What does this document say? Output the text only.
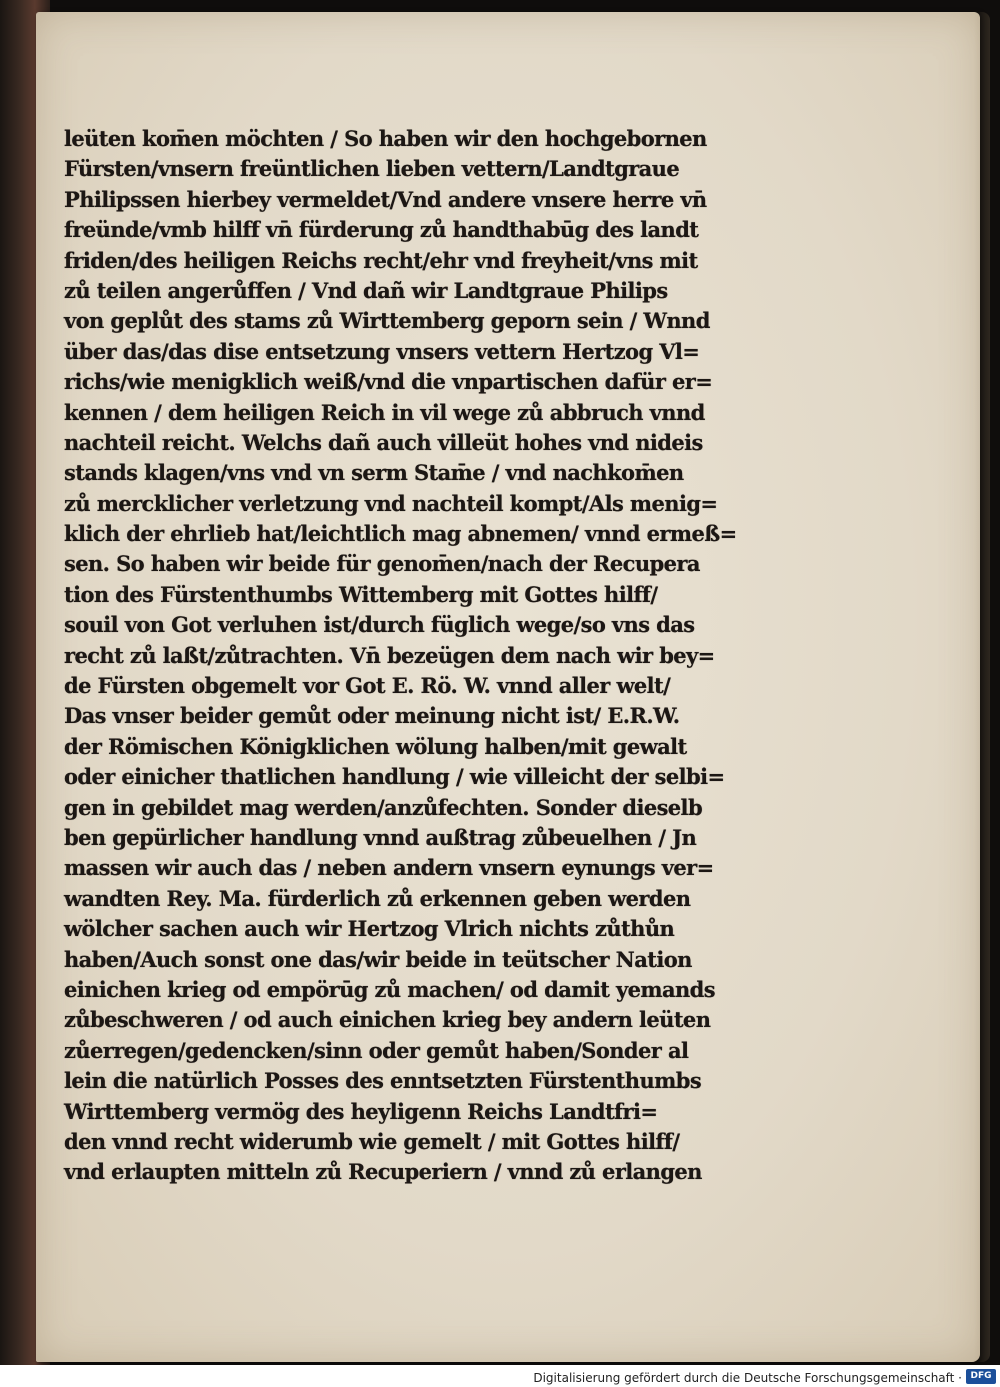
leüten kom̄en möchten / So haben wir den hochgebornen
Fürsten/vnsern freüntlichen lieben vettern/Landtgraue
Philipssen hierbey vermeldet/Vnd andere vnsere herre vn̄
freünde/vmb hilff vn̄ fürderung zů handthabūg des landt
friden/des heiligen Reichs recht/ehr vnd freyheit/vns mit
zů teilen angerůffen / Vnd dañ wir Landtgraue Philips
von geplůt des stams zů Wirttemberg geporn sein / Wnnd
über das/das dise entsetzung vnsers vettern Hertzog Vl=
richs/wie menigklich weiß/vnd die vnpartischen dafür er=
kennen / dem heiligen Reich in vil wege zů abbruch vnnd
nachteil reicht. Welchs dañ auch villeüt hohes vnd nideis
stands klagen/vns vnd vn serm Stam̄e / vnd nachkom̄en
zů mercklicher verletzung vnd nachteil kompt/Als menig=
klich der ehrlieb hat/leichtlich mag abnemen/ vnnd ermeß=
sen. So haben wir beide für genom̄en/nach der Recupera
tion des Fürstenthumbs Wittemberg mit Gottes hilff/
souil von Got verluhen ist/durch füglich wege/so vns das
recht zů laßt/zůtrachten. Vn̄ bezeügen dem nach wir bey=
de Fürsten obgemelt vor Got E. Rö. W. vnnd aller welt/
Das vnser beider gemůt oder meinung nicht ist/ E.R.W.
der Römischen Königklichen wölung halben/mit gewalt
oder einicher thatlichen handlung / wie villeicht der selbi=
gen in gebildet mag werden/anzůfechten. Sonder dieselb
ben gepürlicher handlung vnnd außtrag zůbeuelhen / Jn
massen wir auch das / neben andern vnsern eynungs ver=
wandten Rey. Ma. fürderlich zů erkennen geben werden
wölcher sachen auch wir Hertzog Vlrich nichts zůthůn
haben/Auch sonst one das/wir beide in teütscher Nation
einichen krieg od empörūg zů machen/ od damit yemands
zůbeschweren / od auch einichen krieg bey andern leüten
zůerregen/gedencken/sinn oder gemůt haben/Sonder al
lein die natürlich Posses des enntsetzten Fürstenthumbs
Wirttemberg vermög des heyligenn Reichs Landtfri=
den vnnd recht widerumb wie gemelt / mit Gottes hilff/
vnd erlaupten mitteln zů Recuperiern / vnnd zů erlangen
Digitalisierung gefördert durch die Deutsche Forschungsgemeinschaft · DFG
